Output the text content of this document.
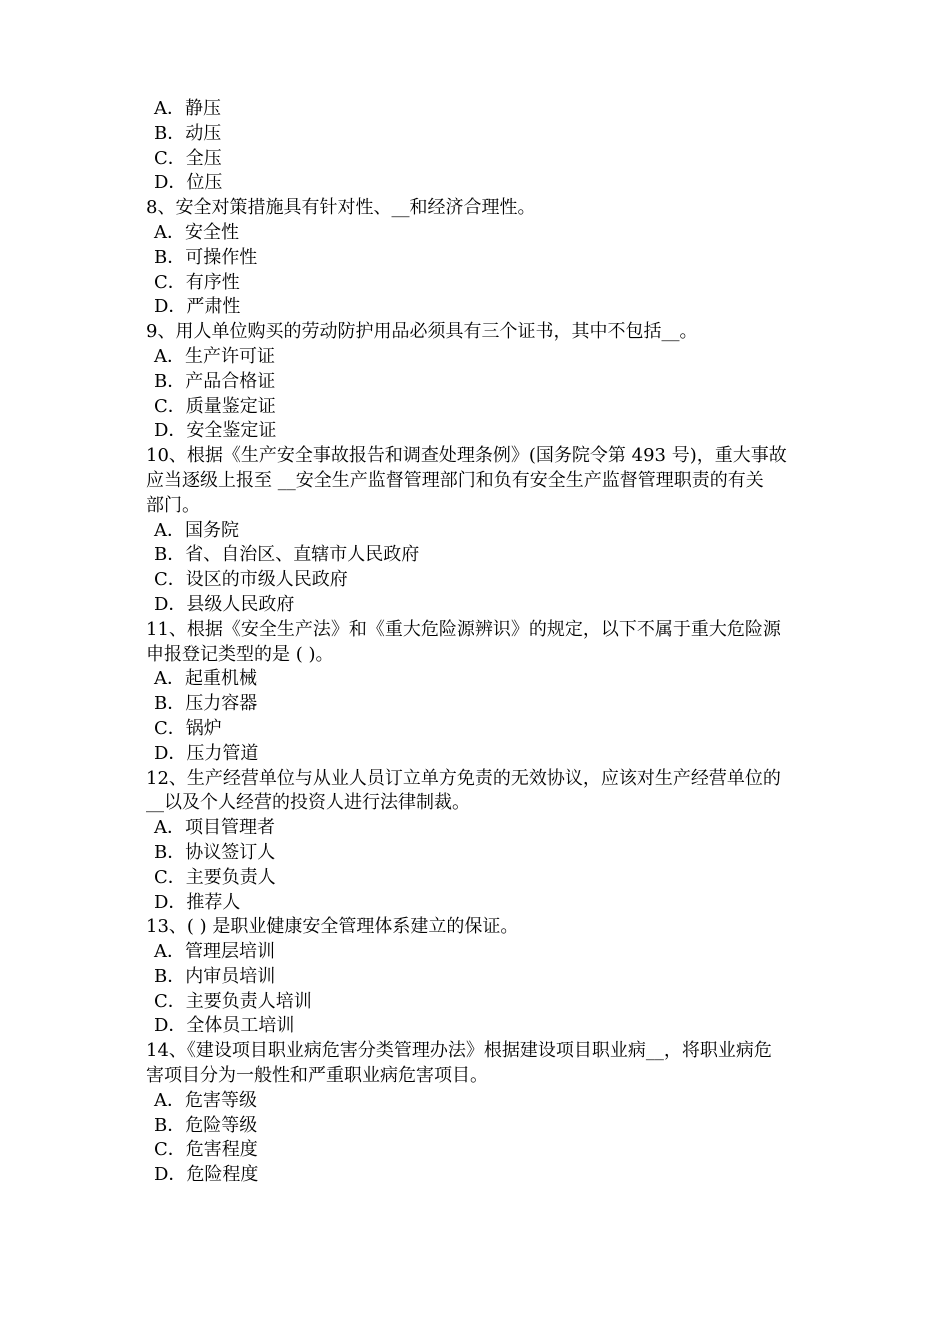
A．静压
B．动压
C．全压
D．位压
8、安全对策措施具有针对性、__和经济合理性。
A．安全性
B．可操作性
C．有序性
D．严肃性
9、用人单位购买的劳动防护用品必须具有三个证书，其中不包括__。
A．生产许可证
B．产品合格证
C．质量鉴定证
D．安全鉴定证
10、根据《生产安全事故报告和调查处理条例》(国务院令第 493 号)，重大事故
应当逐级上报至 __安全生产监督管理部门和负有安全生产监督管理职责的有关
部门。
A．国务院
B．省、自治区、直辖市人民政府
C．设区的市级人民政府
D．县级人民政府
11、根据《安全生产法》和《重大危险源辨识》的规定，以下不属于重大危险源
申报登记类型的是 ( )。
A．起重机械
B．压力容器
C．锅炉
D．压力管道
12、生产经营单位与从业人员订立单方免责的无效协议，应该对生产经营单位的
__以及个人经营的投资人进行法律制裁。
A．项目管理者
B．协议签订人
C．主要负责人
D．推荐人
13、( ) 是职业健康安全管理体系建立的保证。
A．管理层培训
B．内审员培训
C．主要负责人培训
D．全体员工培训
14、《建设项目职业病危害分类管理办法》根据建设项目职业病__，将职业病危
害项目分为一般性和严重职业病危害项目。
A．危害等级
B．危险等级
C．危害程度
D．危险程度
